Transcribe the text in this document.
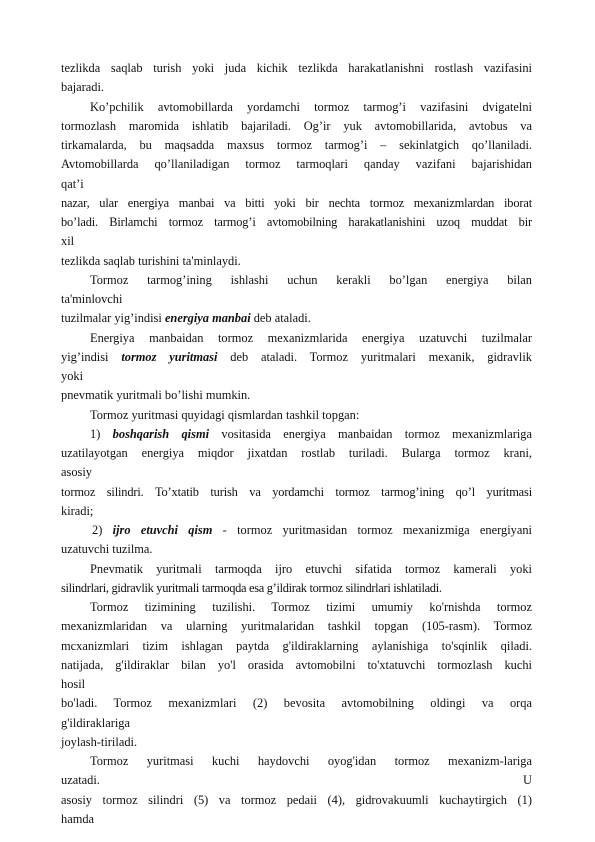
tezlikda saqlab turish yoki juda kichik tezlikda harakatlanishni rostlash vazifasini
bajaradi.
Ko’pchilik avtomobillarda yordamchi tormoz tarmog’i vazifasini dvigatelni
tormozlash maromida ishlatib bajariladi. Og’ir yuk avtomobillarida, avtobus va
tirkamalarda, bu maqsadda maxsus tormoz tarmog’i – sekinlatgich qo’llaniladi.
Avtomobillarda qo’llaniladigan tormoz tarmoqlari qanday vazifani bajarishidan
qat’i
nazar, ular energiya manbai va bitti yoki bir nechta tormoz mexanizmlardan iborat
bo’ladi. Birlamchi tormoz tarmog’i avtomobilning harakatlanishini uzoq muddat bir
xil
tezlikda saqlab turishini ta'minlaydi.
Tormoz tarmog’ining ishlashi uchun kerakli bo’lgan energiya bilan
ta'minlovchi
tuzilmalar yig’indisi energiya manbai deb ataladi.
Energiya manbaidan tormoz mexanizmlarida energiya uzatuvchi tuzilmalar
yig’indisi tormoz yuritmasi deb ataladi. Tormoz yuritmalari mexanik, gidravlik
yoki
pnevmatik yuritmali bo’lishi mumkin.
Tormoz yuritmasi quyidagi qismlardan tashkil topgan:
1) boshqarish qismi vositasida energiya manbaidan tormoz mexanizmlariga
uzatilayotgan energiya miqdor jixatdan rostlab turiladi. Bularga tormoz krani,
asosiy
tormoz silindri. To’xtatib turish va yordamchi tormoz tarmog’ining qo’l yuritmasi
kiradi;
2) ijro etuvchi qism - tormoz yuritmasidan tormoz mexanizmiga energiyani
uzatuvchi tuzilma.
Pnevmatik yuritmali tarmoqda ijro etuvchi sifatida tormoz kamerali yoki
silindrlari, gidravlik yuritmali tarmoqda esa g’ildirak tormoz silindrlari ishlatiladi.
Tormoz tizimining tuzilishi. Tormoz tizimi umumiy ko'rnishda tormoz
mexanizmlaridan va ularning yuritmalaridan tashkil topgan (105-rasm). Tormoz
mcxanizmlari tizim ishlagan paytda g'ildiraklarning aylanishiga to'sqinlik qiladi.
natijada, g'ildiraklar bilan yo'l orasida avtomobilni to'xtatuvchi tormozlash kuchi
hosil
bo'ladi. Tormoz mexanizmlari (2) bevosita avtomobilning oldingi va orqa
g'ildiraklariga
joylash-tiriladi.
Tormoz yuritmasi kuchi haydovchi oyog'idan tormoz mexanizm-lariga
uzatadi. U
asosiy tormoz silindri (5) va tormoz pedaii (4), gidrovakuumli kuchaytirgich (1)
hamda
